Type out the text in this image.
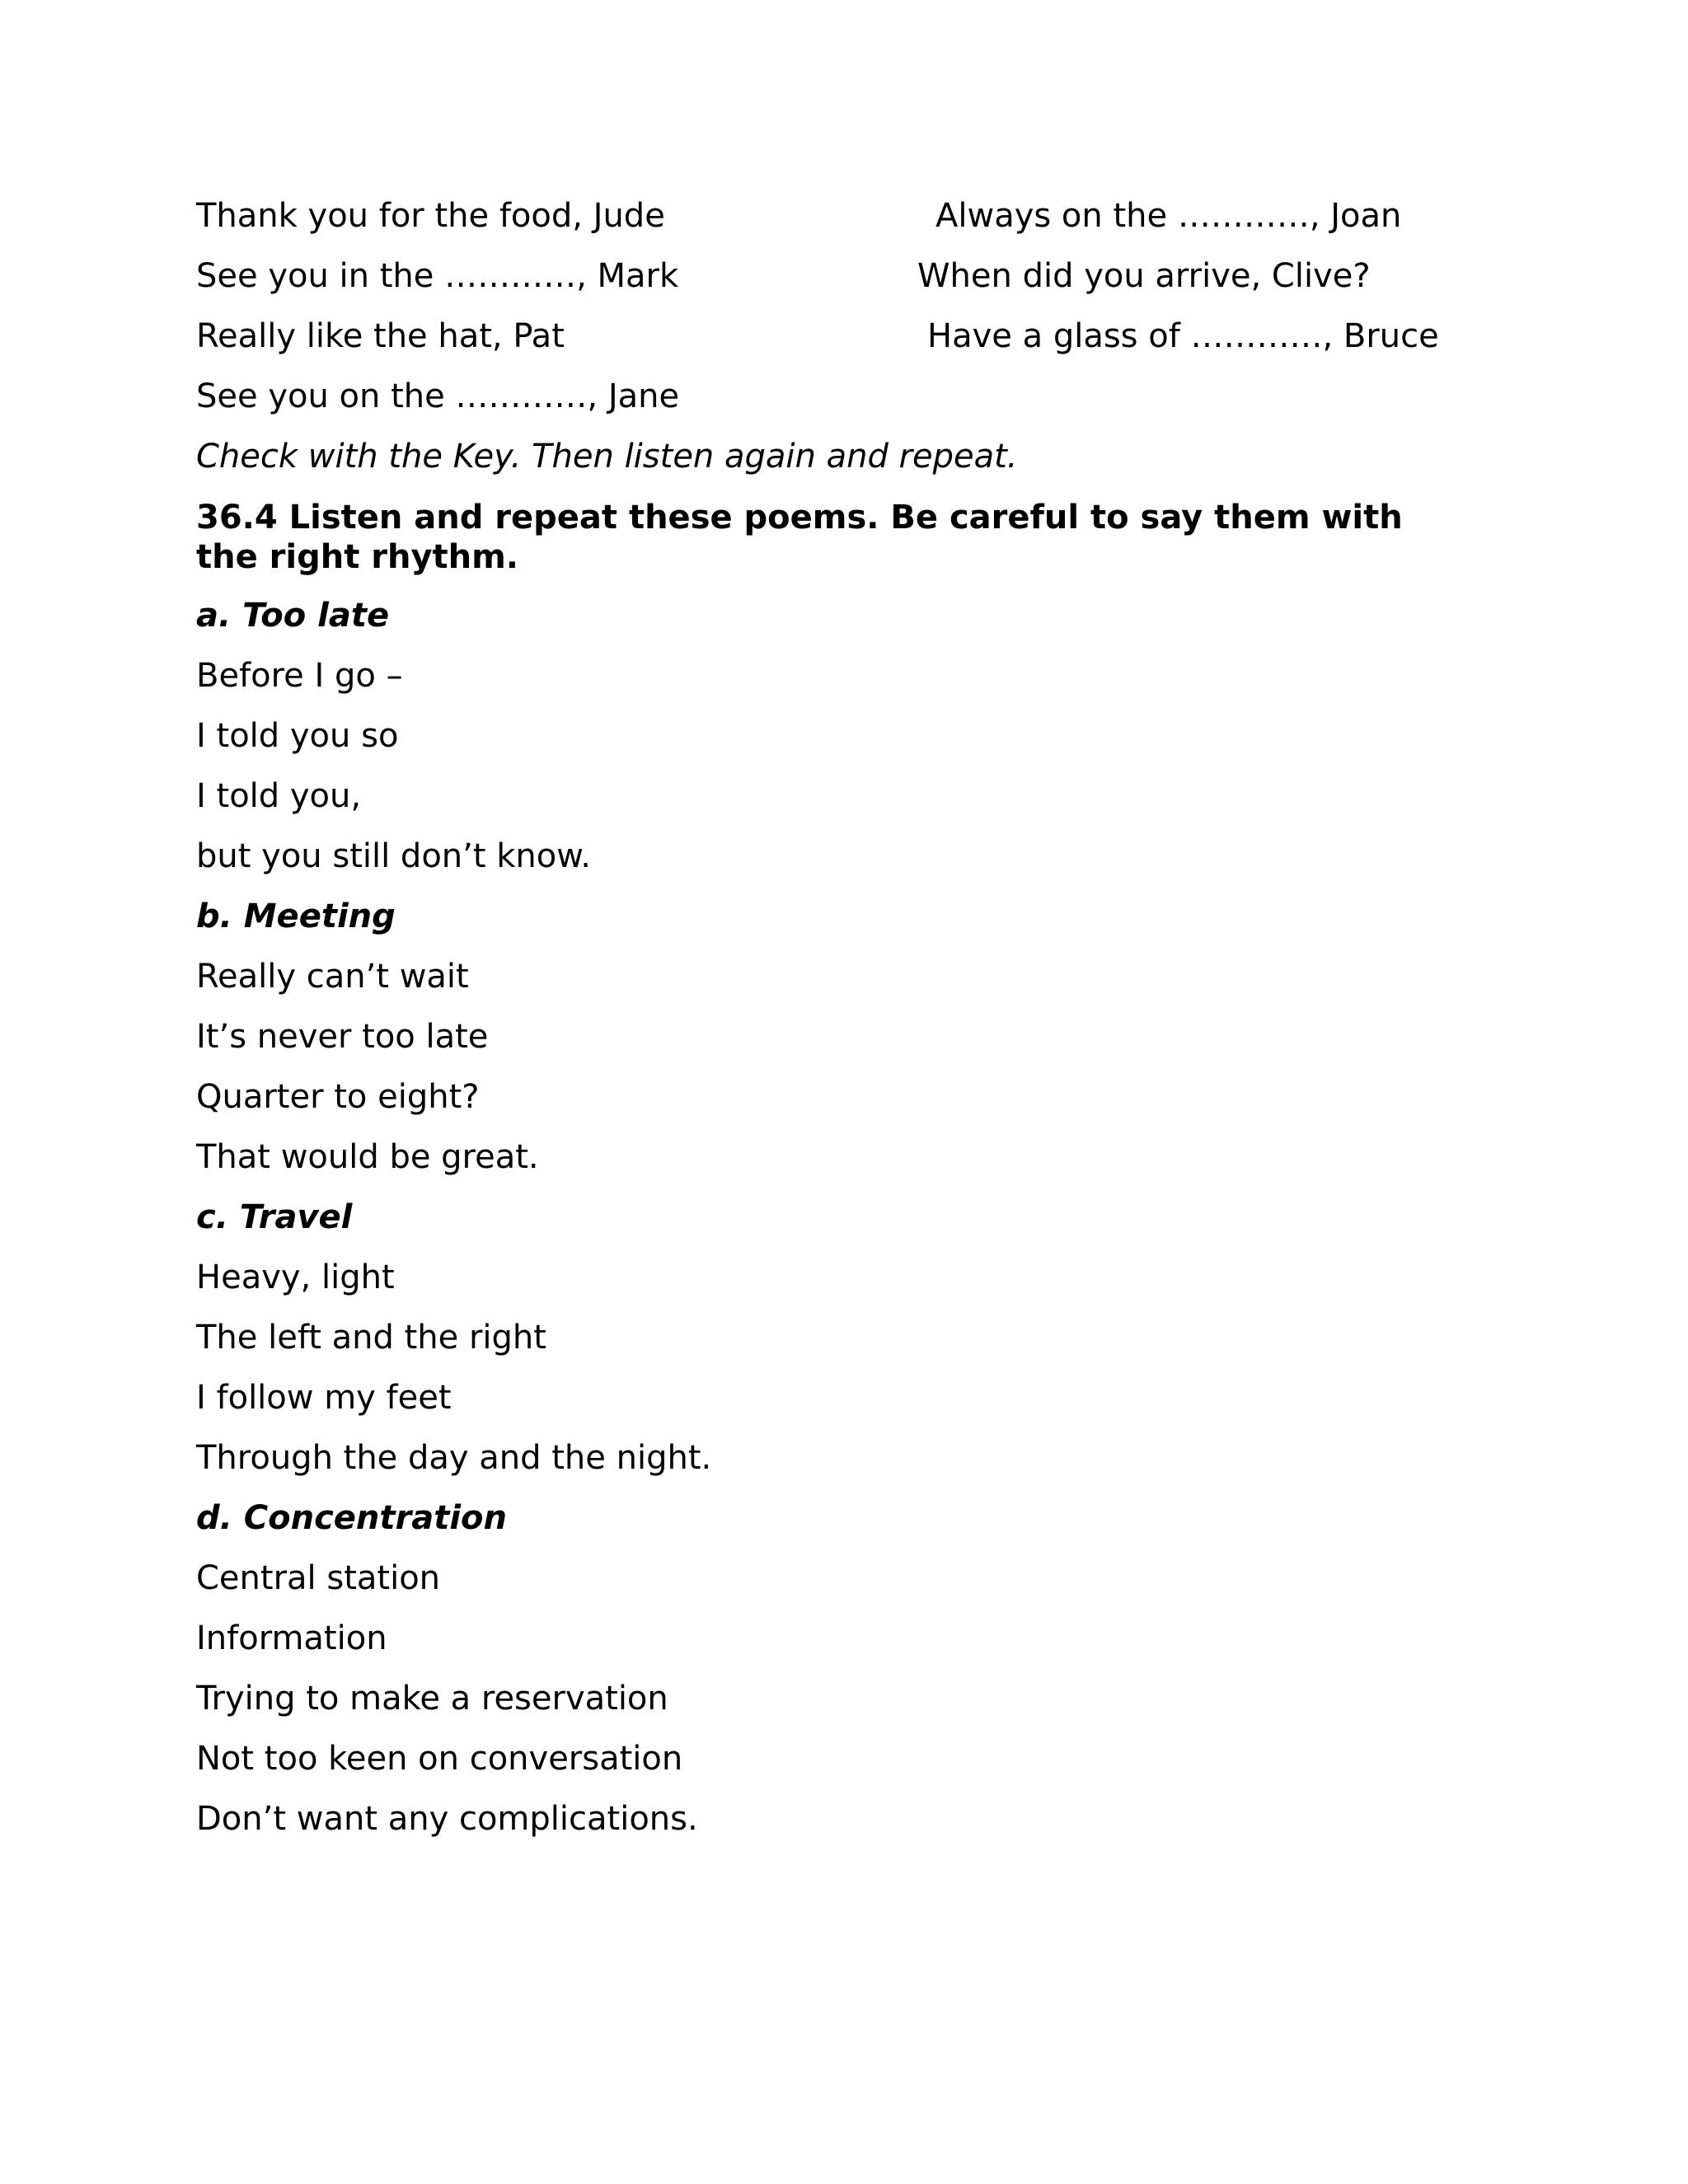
Thank you for the food, Jude	Always on the …………, Joan
See you in the …………, Mark	When did you arrive, Clive?
Really like the hat, Pat	Have a glass of …………, Bruce
See you on the …………, Jane
Check with the Key. Then listen again and repeat.
36.4 Listen and repeat these poems. Be careful to say them with the right rhythm.
a. Too late
Before I go –
I told you so
I told you,
but you still don’t know.
b. Meeting
Really can’t wait
It’s never too late
Quarter to eight?
That would be great.
c. Travel
Heavy, light
The left and the right
I follow my feet
Through the day and the night.
d. Concentration
Central station
Information
Trying to make a reservation
Not too keen on conversation
Don’t want any complications.
